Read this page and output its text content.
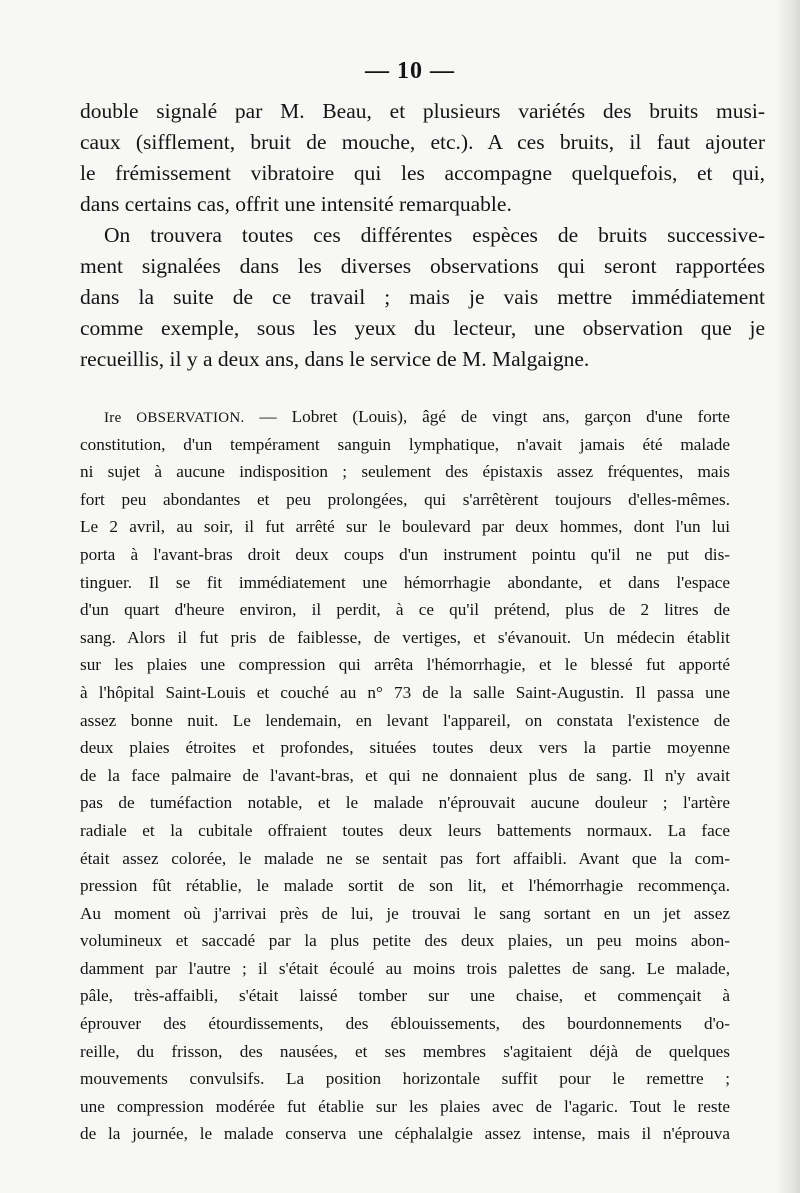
— 10 —
double signalé par M. Beau, et plusieurs variétés des bruits musi-
caux (sifflement, bruit de mouche, etc.). A ces bruits, il faut ajouter
le frémissement vibratoire qui les accompagne quelquefois, et qui,
dans certains cas, offrit une intensité remarquable.
On trouvera toutes ces différentes espèces de bruits successive-
ment signalées dans les diverses observations qui seront rapportées
dans la suite de ce travail ; mais je vais mettre immédiatement
comme exemple, sous les yeux du lecteur, une observation que je
recueillis, il y a deux ans, dans le service de M. Malgaigne.
Ire OBSERVATION. — Lobret (Louis), âgé de vingt ans, garçon d'une forte
constitution, d'un tempérament sanguin lymphatique, n'avait jamais été malade
ni sujet à aucune indisposition ; seulement des épistaxis assez fréquentes, mais
fort peu abondantes et peu prolongées, qui s'arrêtèrent toujours d'elles-mêmes.
Le 2 avril, au soir, il fut arrêté sur le boulevard par deux hommes, dont l'un lui
porta à l'avant-bras droit deux coups d'un instrument pointu qu'il ne put dis-
tinguer. Il se fit immédiatement une hémorrhagie abondante, et dans l'espace
d'un quart d'heure environ, il perdit, à ce qu'il prétend, plus de 2 litres de
sang. Alors il fut pris de faiblesse, de vertiges, et s'évanouit. Un médecin établit
sur les plaies une compression qui arrêta l'hémorrhagie, et le blessé fut apporté
à l'hôpital Saint-Louis et couché au n° 73 de la salle Saint-Augustin. Il passa une
assez bonne nuit. Le lendemain, en levant l'appareil, on constata l'existence de
deux plaies étroites et profondes, situées toutes deux vers la partie moyenne
de la face palmaire de l'avant-bras, et qui ne donnaient plus de sang. Il n'y avait
pas de tuméfaction notable, et le malade n'éprouvait aucune douleur ; l'artère
radiale et la cubitale offraient toutes deux leurs battements normaux. La face
était assez colorée, le malade ne se sentait pas fort affaibli. Avant que la com-
pression fût rétablie, le malade sortit de son lit, et l'hémorrhagie recommença.
Au moment où j'arrivai près de lui, je trouvai le sang sortant en un jet assez
volumineux et saccadé par la plus petite des deux plaies, un peu moins abon-
damment par l'autre ; il s'était écoulé au moins trois palettes de sang. Le malade,
pâle, très-affaibli, s'était laissé tomber sur une chaise, et commençait à
éprouver des étourdissements, des éblouissements, des bourdonnements d'o-
reille, du frisson, des nausées, et ses membres s'agitaient déjà de quelques
mouvements convulsifs. La position horizontale suffit pour le remettre ;
une compression modérée fut établie sur les plaies avec de l'agaric. Tout le reste
de la journée, le malade conserva une céphalalgie assez intense, mais il n'éprouva
